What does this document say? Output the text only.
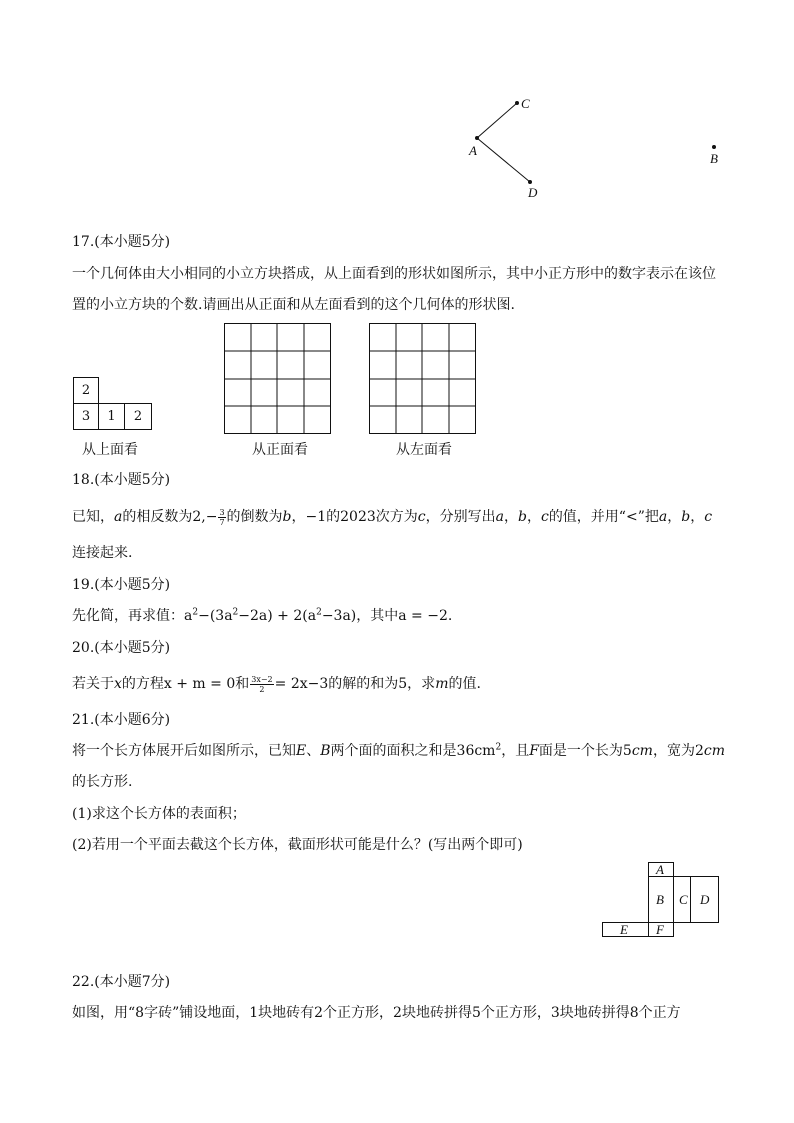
A
C
D
B
17.(本小题5分)
一个几何体由大小相同的小立方块搭成，从上面看到的形状如图所示，其中小正方形中的数字表示在该位
置的小立方块的个数.请画出从正面和从左面看到的这个几何体的形状图.
2
3	1	2
从上面看	从正面看	从左面看
18.(本小题5分)
已知，a的相反数为$2,- \frac{3}{7}$ 的倒数为b，−1的2023次方为c，分别写出a，b，c的值，并用“<”把a，b，c
连接起来.
19.(本小题5分)
先化简，再求值：$a^2-(3a^2-2a) + 2(a^2-3a)$，其中a = −2.
20.(本小题5分)
若关于x的方程x + m = 0和 $\frac{3x-2}{2} = 2x-3$的解的和为5，求m的值.
21.(本小题6分)
将一个长方体展开后如图所示，已知E、B两个面的面积之和是$36cm^2$，且F面是一个长为5cm，宽为2cm
的长方形.
(1)求这个长方体的表面积；
(2)若用一个平面去截这个长方体，截面形状可能是什么？(写出两个即可)
A
B C D
E F
22.(本小题7分)
如图，用“8字砖”铺设地面，1块地砖有2个正方形，2块地砖拼得5个正方形，3块地砖拼得8个正方
